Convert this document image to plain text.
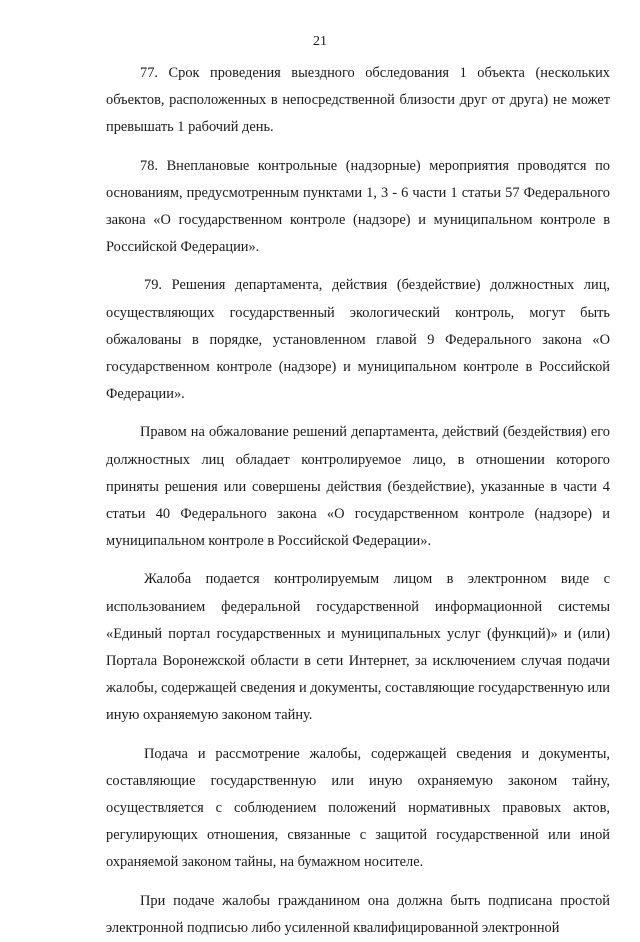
21

77. Срок проведения выездного обследования 1 объекта (нескольких объектов, расположенных в непосредственной близости друг от друга) не может превышать 1 рабочий день.

78. Внеплановые контрольные (надзорные) мероприятия проводятся по основаниям, предусмотренным пунктами 1, 3 - 6 части 1 статьи 57 Федерального закона «О государственном контроле (надзоре) и муниципальном контроле в Российской Федерации».

79. Решения департамента, действия (бездействие) должностных лиц, осуществляющих государственный экологический контроль, могут быть обжалованы в порядке, установленном главой 9 Федерального закона «О государственном контроле (надзоре) и муниципальном контроле в Российской Федерации».

Правом на обжалование решений департамента, действий (бездействия) его должностных лиц обладает контролируемое лицо, в отношении которого приняты решения или совершены действия (бездействие), указанные в части 4 статьи 40 Федерального закона «О государственном контроле (надзоре) и муниципальном контроле в Российской Федерации».

Жалоба подается контролируемым лицом в электронном виде с использованием федеральной государственной информационной системы «Единый портал государственных и муниципальных услуг (функций)» и (или) Портала Воронежской области в сети Интернет, за исключением случая подачи жалобы, содержащей сведения и документы, составляющие государственную или иную охраняемую законом тайну.

Подача и рассмотрение жалобы, содержащей сведения и документы, составляющие государственную или иную охраняемую законом тайну, осуществляется с соблюдением положений нормативных правовых актов, регулирующих отношения, связанные с защитой государственной или иной охраняемой законом тайны, на бумажном носителе.

При подаче жалобы гражданином она должна быть подписана простой электронной подписью либо усиленной квалифицированной электронной
